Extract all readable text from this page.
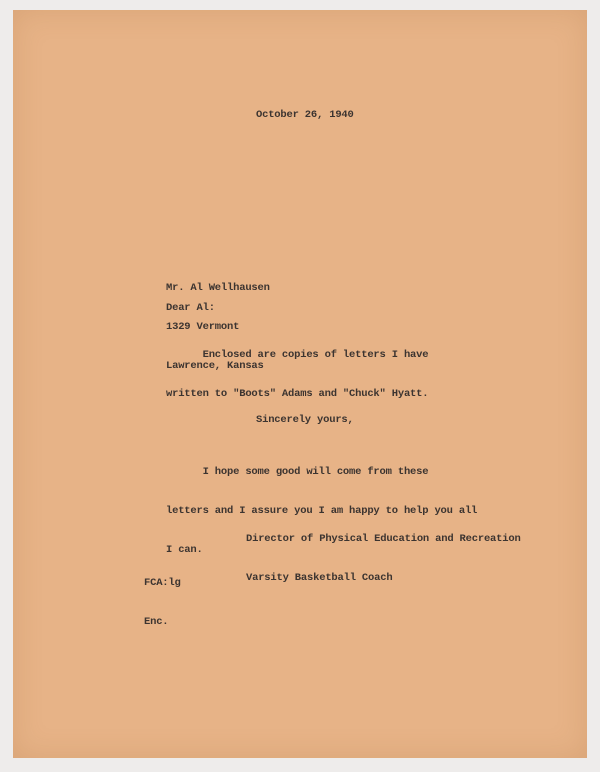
October 26, 1940

Mr. Al Wellhausen

1329 Vermont

Lawrence, Kansas

Dear Al:

Enclosed are copies of letters I have

written to "Boots" Adams and "Chuck" Hyatt.

I hope some good will come from these

letters and I assure you I am happy to help you all

I can.

Sincerely yours,

Director of Physical Education and Recreation

Varsity Basketball Coach

FCA:lg

Enc.
